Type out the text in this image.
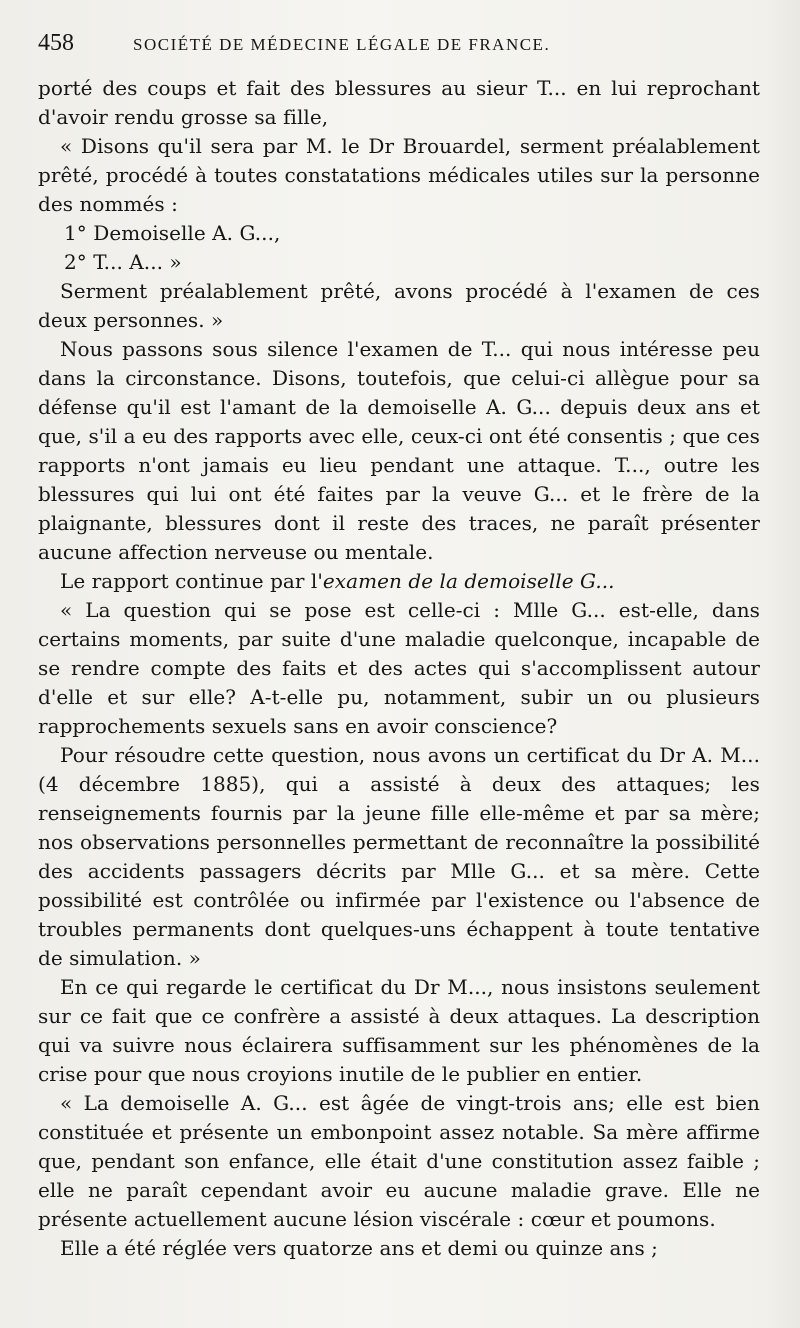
458	SOCIÉTÉ DE MÉDECINE LÉGALE DE FRANCE.

porté des coups et fait des blessures au sieur T... en lui reprochant d'avoir rendu grosse sa fille,

« Disons qu'il sera par M. le Dr Brouardel, serment préalablement prêté, procédé à toutes constatations médicales utiles sur la personne des nommés :

1° Demoiselle A. G...,

2° T... A... »

Serment préalablement prêté, avons procédé à l'examen de ces deux personnes. »

Nous passons sous silence l'examen de T... qui nous intéresse peu dans la circonstance. Disons, toutefois, que celui-ci allègue pour sa défense qu'il est l'amant de la demoiselle A. G... depuis deux ans et que, s'il a eu des rapports avec elle, ceux-ci ont été consentis ; que ces rapports n'ont jamais eu lieu pendant une attaque. T..., outre les blessures qui lui ont été faites par la veuve G... et le frère de la plaignante, blessures dont il reste des traces, ne paraît présenter aucune affection nerveuse ou mentale.

Le rapport continue par l'examen de la demoiselle G...

« La question qui se pose est celle-ci : Mlle G... est-elle, dans certains moments, par suite d'une maladie quelconque, incapable de se rendre compte des faits et des actes qui s'accomplissent autour d'elle et sur elle? A-t-elle pu, notamment, subir un ou plusieurs rapprochements sexuels sans en avoir conscience?

Pour résoudre cette question, nous avons un certificat du Dr A. M... (4 décembre 1885), qui a assisté à deux des attaques; les renseignements fournis par la jeune fille elle-même et par sa mère; nos observations personnelles permettant de reconnaître la possibilité des accidents passagers décrits par Mlle G... et sa mère. Cette possibilité est contrôlée ou infirmée par l'existence ou l'absence de troubles permanents dont quelques-uns échappent à toute tentative de simulation. »

En ce qui regarde le certificat du Dr M..., nous insistons seulement sur ce fait que ce confrère a assisté à deux attaques. La description qui va suivre nous éclairera suffisamment sur les phénomènes de la crise pour que nous croyions inutile de le publier en entier.

« La demoiselle A. G... est âgée de vingt-trois ans; elle est bien constituée et présente un embonpoint assez notable. Sa mère affirme que, pendant son enfance, elle était d'une constitution assez faible ; elle ne paraît cependant avoir eu aucune maladie grave. Elle ne présente actuellement aucune lésion viscérale : cœur et poumons.

Elle a été réglée vers quatorze ans et demi ou quinze ans ;
